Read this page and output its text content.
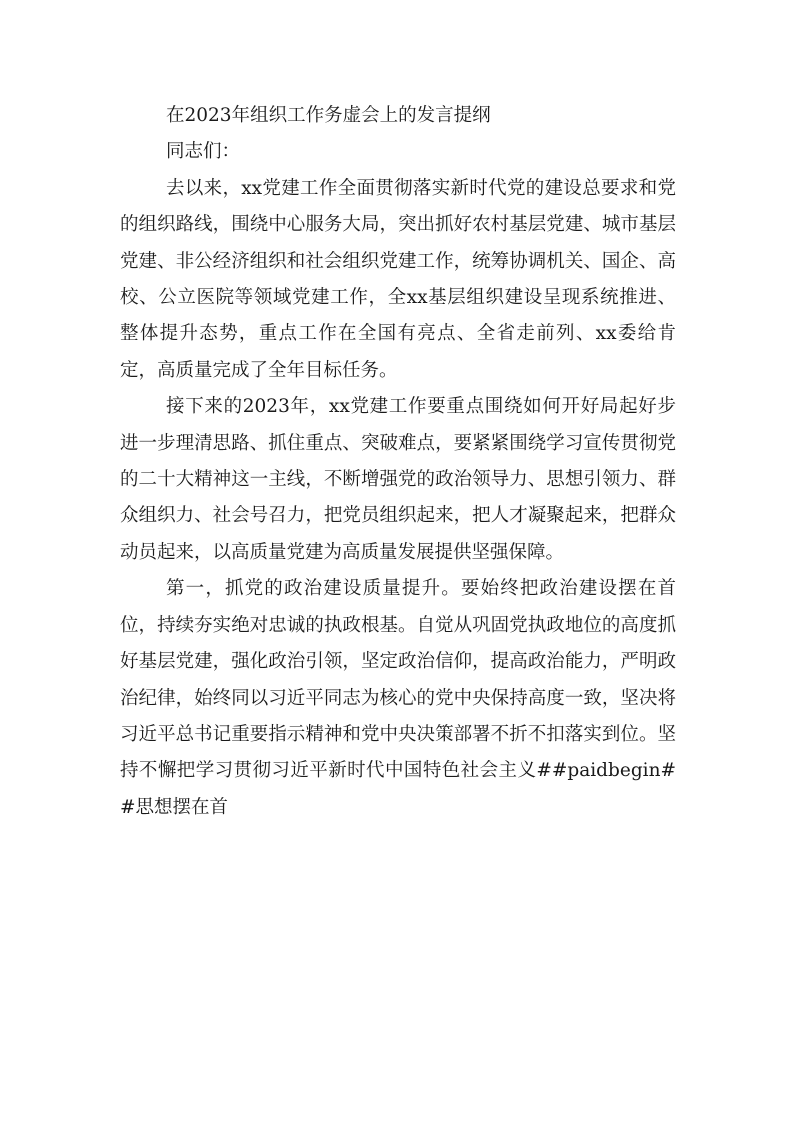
在2023年组织工作务虚会上的发言提纲

同志们：

去以来，xx党建工作全面贯彻落实新时代党的建设总要求和党的组织路线，围绕中心服务大局，突出抓好农村基层党建、城市基层党建、非公经济组织和社会组织党建工作，统筹协调机关、国企、高校、公立医院等领域党建工作，全xx基层组织建设呈现系统推进、整体提升态势，重点工作在全国有亮点、全省走前列、xx委给肯定，高质量完成了全年目标任务。

接下来的2023年，xx党建工作要重点围绕如何开好局起好步进一步理清思路、抓住重点、突破难点，要紧紧围绕学习宣传贯彻党的二十大精神这一主线，不断增强党的政治领导力、思想引领力、群众组织力、社会号召力，把党员组织起来，把人才凝聚起来，把群众动员起来，以高质量党建为高质量发展提供坚强保障。

第一，抓党的政治建设质量提升。要始终把政治建设摆在首位，持续夯实绝对忠诚的执政根基。自觉从巩固党执政地位的高度抓好基层党建，强化政治引领，坚定政治信仰，提高政治能力，严明政治纪律，始终同以习近平同志为核心的党中央保持高度一致，坚决将习近平总书记重要指示精神和党中央决策部署不折不扣落实到位。坚持不懈把学习贯彻习近平新时代中国特色社会主义##paidbegin##思想摆在首
